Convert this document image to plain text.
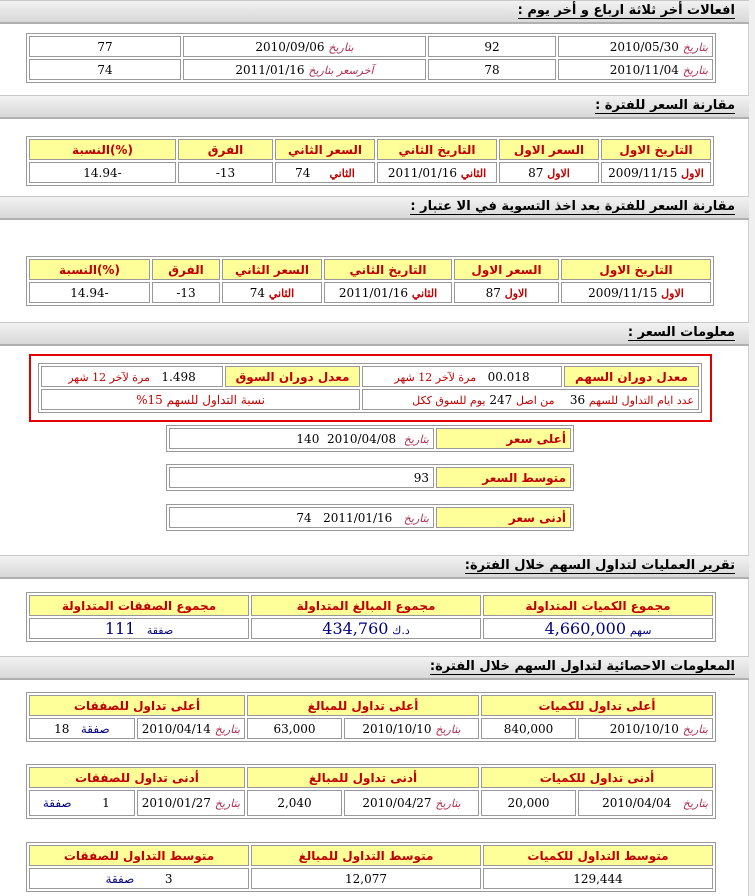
افعالات أخر ثلاثة ارباع و أخر يوم :
بتاريخ 2010/05/30	92	بتاريخ 2010/09/06	77
بتاريخ 2010/11/04	78	آخرسعر بتاريخ 2011/01/16	74
مقارنة السعر للفترة :
التاريخ الاول	السعر الاول	التاريخ الثاني	السعر الثاني	الفرق	(%)النسبة
الاول 2009/11/15	الاول 87	الثاني 2011/01/16	الثاني     74	13-	-14.94
مقارنة السعر للفترة بعد اخذ التسوية في الا عتبار :
التاريخ الاول	السعر الاول	التاريخ الثاني	السعر الثاني	الفرق	(%)النسبة
الاول 2009/11/15	الاول 87	الثاني 2011/01/16	الثاني 74	13-	-14.94
معلومات السعر :
معدل دوران السهم	00.018   مرة لآخر 12 شهر	معدل دوران السوق	1.498   مرة لآخر 12 شهر
عدد ايام التداول للسهم 36    من اصل 247 يوم للسوق ككل		نسبة التداول للسهم 15%	
أعلى سعر	بتاريخ  2010/04/08  140
متوسط السعر	93
أدنى سعر	بتاريخ   2011/01/16   74
تقرير العمليات لتداول السهم خلال الفترة:
مجموع الكميات المتداولة	مجموع المبالغ المتداولة	مجموع الصفقات المتداولة
سهم 4,660,000	د.ك 434,760	صفقة   111
المعلومات الاحصائية لتداول السهم خلال الفترة:
أعلى تداول للكميات		أعلى تداول للمبالغ		أعلى تداول للصفقات	
بتاريخ 2010/10/10	840,000	بتاريخ 2010/10/10	63,000	بتاريخ 2010/04/14	صفقة   18
أدنى تداول للكميات		أدنى تداول للمبالغ		أدنى تداول للصفقات	
بتاريخ   2010/04/04	20,000	بتاريخ 2010/04/27	2,040	بتاريخ 2010/01/27	1        صفقة
متوسط التداول للكميات	متوسط التداول للمبالغ	متوسط التداول للصفقات
129,444	12,077	3        صفقة
